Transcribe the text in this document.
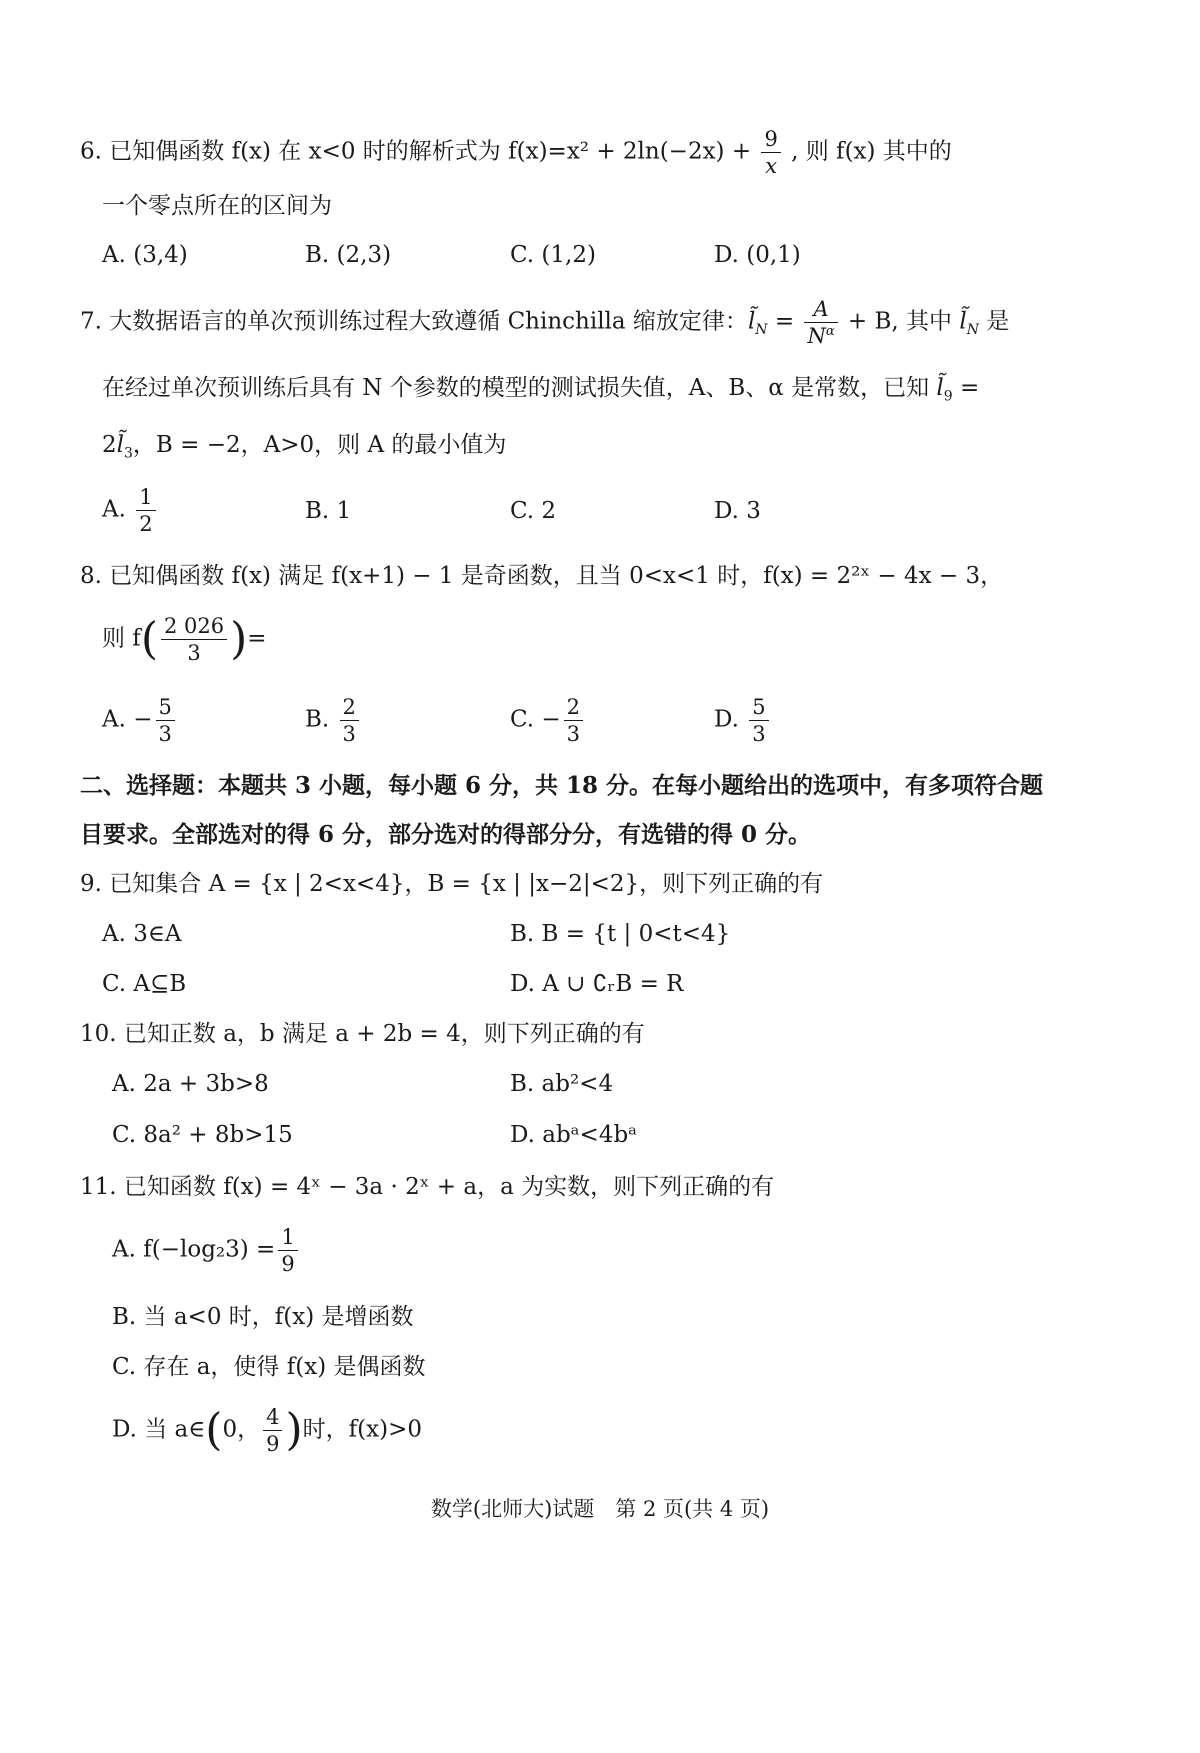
6. 已知偶函数 f(x) 在 x<0 时的解析式为 $f(x)=x^2 + 2\ln(-2x) + \frac{9}{x}$ , 则 f(x) 其中的
一个零点所在的区间为
A. (3,4)	B. (2,3)	C. (1,2)	D. (0,1)
7. 大数据语言的单次预训练过程大致遵循 Chinchilla 缩放定律：$l̃_N = \frac{A}{N^\alpha} + B$, 其中 $l̃_N$ 是
在经过单次预训练后具有 N 个参数的模型的测试损失值，A、B、α 是常数，已知 $l̃_9$ =
$2l̃_3$，B = −2，A>0，则 A 的最小值为
A. $\frac{1}{2}$	B. 1	C. 2	D. 3
8. 已知偶函数 f(x) 满足 f(x+1) − 1 是奇函数，且当 0<x<1 时，f(x) = 2²ˣ − 4x − 3，
则 $f( \frac{2 026}{3}$ )=
A. − $\frac{5}{3}$	B. $\frac{2}{3}$	C. − $\frac{2}{3}$	D. $\frac{5}{3}$
二、选择题：本题共 3 小题，每小题 6 分，共 18 分。在每小题给出的选项中，有多项符合题
目要求。全部选对的得 6 分，部分选对的得部分分，有选错的得 0 分。
9. 已知集合 A = {x | 2<x<4}，B = {x | |x−2|<2}，则下列正确的有
A. 3∈A	B. B = {t | 0<t<4}
C. A⊆B	D. A ∪ ∁ᵣB = R
10. 已知正数 a，b 满足 a + 2b = 4，则下列正确的有
A. 2a + 3b>8	B. ab²<4
C. 8a² + 8b>15	D. abᵃ<4bᵃ
11. 已知函数 f(x) = 4ˣ − 3a · 2ˣ + a，a 为实数，则下列正确的有
A. $f(-\log_23) = \frac{1}{9}$
B. 当 a<0 时，f(x) 是增函数
C. 存在 a，使得 f(x) 是偶函数
D. 当 a∈(0， $\frac{4}{9}$ )时，f(x)>0
数学(北师大)试题　第 2 页(共 4 页)
